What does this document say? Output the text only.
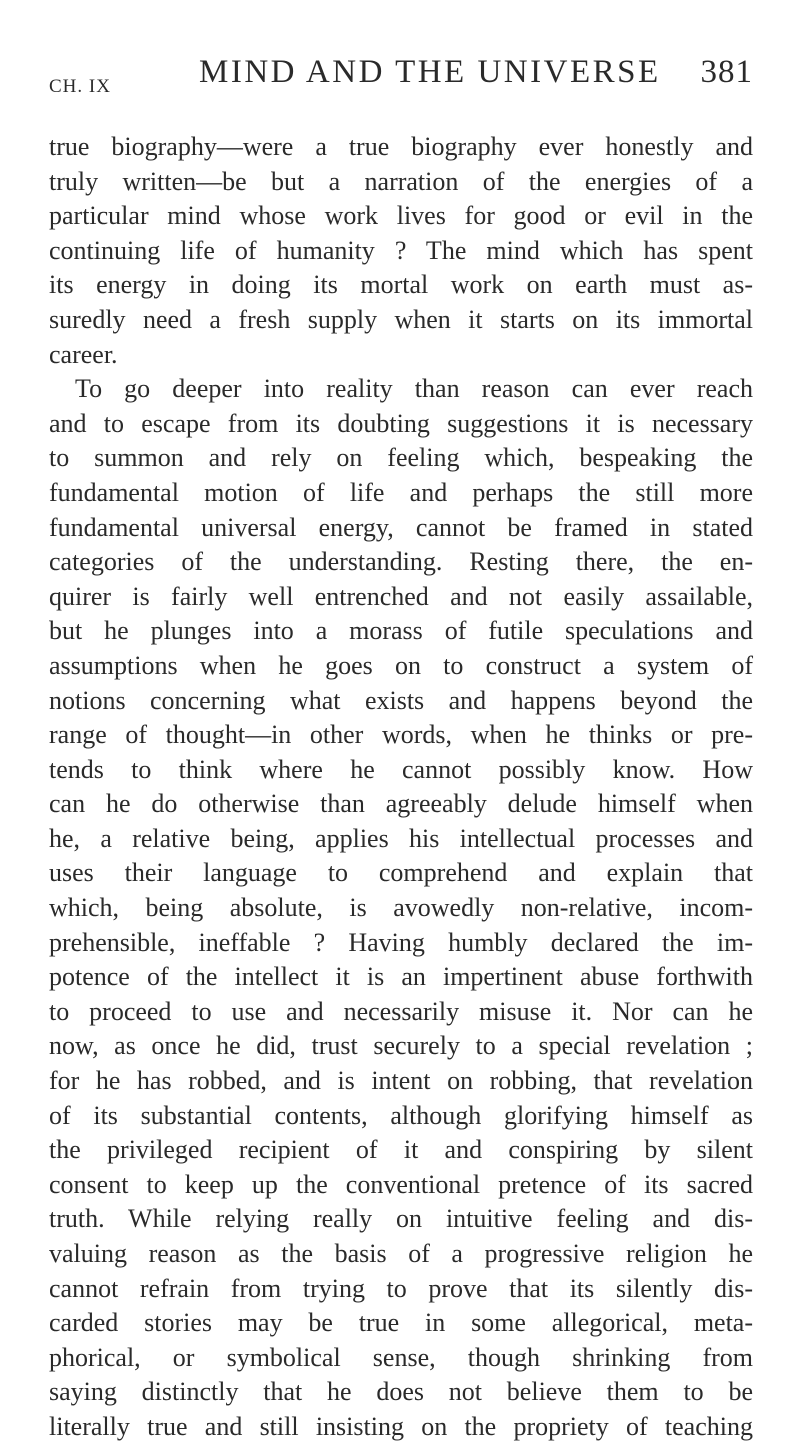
CH. IX	MIND AND THE UNIVERSE 381
true biography—were a true biography ever honestly and
truly written—be but a narration of the energies of a
particular mind whose work lives for good or evil in the
continuing life of humanity ? The mind which has spent
its energy in doing its mortal work on earth must as-
suredly need a fresh supply when it starts on its immortal
career.
To go deeper into reality than reason can ever reach
and to escape from its doubting suggestions it is necessary
to summon and rely on feeling which, bespeaking the
fundamental motion of life and perhaps the still more
fundamental universal energy, cannot be framed in stated
categories of the understanding. Resting there, the en-
quirer is fairly well entrenched and not easily assailable,
but he plunges into a morass of futile speculations and
assumptions when he goes on to construct a system of
notions concerning what exists and happens beyond the
range of thought—in other words, when he thinks or pre-
tends to think where he cannot possibly know. How
can he do otherwise than agreeably delude himself when
he, a relative being, applies his intellectual processes and
uses their language to comprehend and explain that
which, being absolute, is avowedly non-relative, incom-
prehensible, ineffable ? Having humbly declared the im-
potence of the intellect it is an impertinent abuse forthwith
to proceed to use and necessarily misuse it. Nor can he
now, as once he did, trust securely to a special revelation ;
for he has robbed, and is intent on robbing, that revelation
of its substantial contents, although glorifying himself as
the privileged recipient of it and conspiring by silent
consent to keep up the conventional pretence of its sacred
truth. While relying really on intuitive feeling and dis-
valuing reason as the basis of a progressive religion he
cannot refrain from trying to prove that its silently dis-
carded stories may be true in some allegorical, meta-
phorical, or symbolical sense, though shrinking from
saying distinctly that he does not believe them to be
literally true and still insisting on the propriety of teaching
